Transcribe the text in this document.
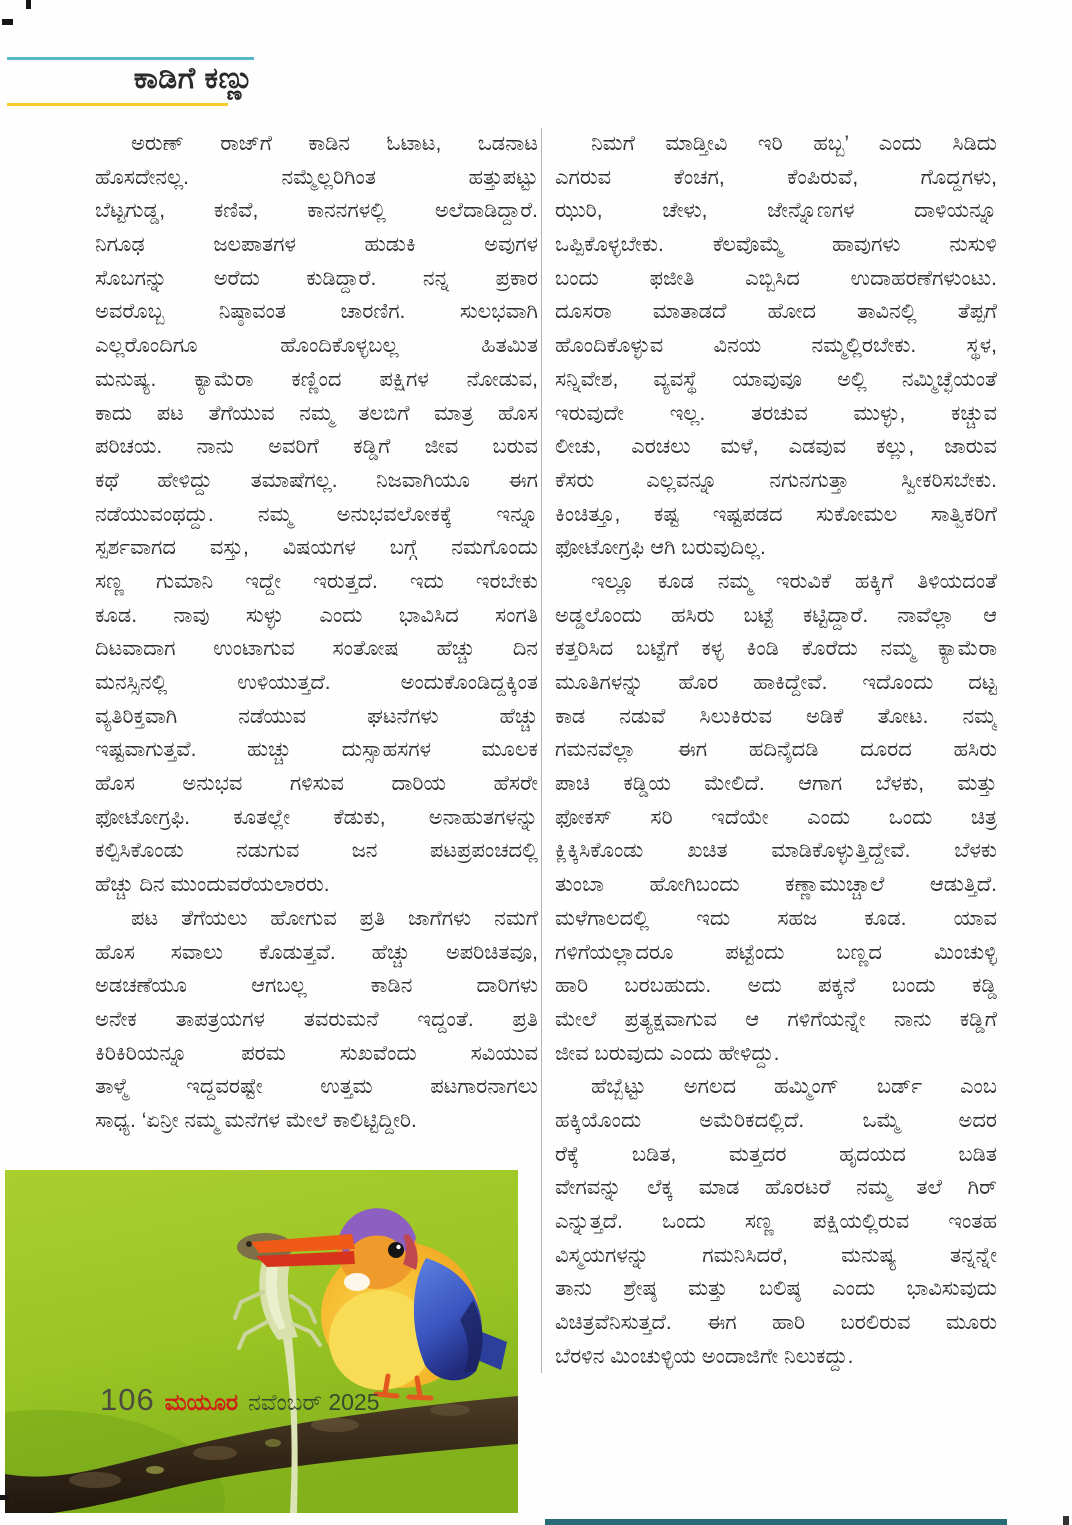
ಕಾಡಿಗೆ ಕಣ್ಣು
ಅರುಣ್ ರಾಜ್‌ಗೆ ಕಾಡಿನ ಓಟಾಟ, ಒಡನಾಟ
ಹೊಸದೇನಲ್ಲ. ನಮ್ಮೆಲ್ಲರಿಗಿಂತ ಹತ್ತುಪಟ್ಟು
ಬೆಟ್ಟಗುಡ್ಡ, ಕಣಿವೆ, ಕಾನನಗಳಲ್ಲಿ ಅಲೆದಾಡಿದ್ದಾರೆ.
ನಿಗೂಢ ಜಲಪಾತಗಳ ಹುಡುಕಿ ಅವುಗಳ
ಸೊಬಗನ್ನು ಅರೆದು ಕುಡಿದ್ದಾರೆ. ನನ್ನ ಪ್ರಕಾರ
ಅವರೊಬ್ಬ ನಿಷ್ಠಾವಂತ ಚಾರಣಿಗ. ಸುಲಭವಾಗಿ
ಎಲ್ಲರೊಂದಿಗೂ ಹೊಂದಿಕೊಳ್ಳಬಲ್ಲ ಹಿತಮಿತ
ಮನುಷ್ಯ. ಕ್ಯಾಮೆರಾ ಕಣ್ಣಿಂದ ಪಕ್ಷಿಗಳ ನೋಡುವ,
ಕಾದು ಪಟ ತೆಗೆಯುವ ನಮ್ಮ ತಲಬಿಗೆ ಮಾತ್ರ ಹೊಸ
ಪರಿಚಯ. ನಾನು ಅವರಿಗೆ ಕಡ್ಡಿಗೆ ಜೀವ ಬರುವ
ಕಥೆ ಹೇಳಿದ್ದು ತಮಾಷೆಗಲ್ಲ. ನಿಜವಾಗಿಯೂ ಈಗ
ನಡೆಯುವಂಥದ್ದು. ನಮ್ಮ ಅನುಭವಲೋಕಕ್ಕೆ ಇನ್ನೂ
ಸ್ಪರ್ಶವಾಗದ ವಸ್ತು, ವಿಷಯಗಳ ಬಗ್ಗೆ ನಮಗೊಂದು
ಸಣ್ಣ ಗುಮಾನಿ ಇದ್ದೇ ಇರುತ್ತದೆ. ಇದು ಇರಬೇಕು
ಕೂಡ. ನಾವು ಸುಳ್ಳು ಎಂದು ಭಾವಿಸಿದ ಸಂಗತಿ
ದಿಟವಾದಾಗ ಉಂಟಾಗುವ ಸಂತೋಷ ಹೆಚ್ಚು ದಿನ
ಮನಸ್ಸಿನಲ್ಲಿ ಉಳಿಯುತ್ತದೆ. ಅಂದುಕೊಂಡಿದ್ದಕ್ಕಿಂತ
ವ್ಯತಿರಿಕ್ತವಾಗಿ ನಡೆಯುವ ಘಟನೆಗಳು ಹೆಚ್ಚು
ಇಷ್ಟವಾಗುತ್ತವೆ. ಹುಚ್ಚು ದುಸ್ಸಾಹಸಗಳ ಮೂಲಕ
ಹೊಸ ಅನುಭವ ಗಳಿಸುವ ದಾರಿಯ ಹೆಸರೇ
ಫೋಟೋಗ್ರಫಿ. ಕೂತಲ್ಲೇ ಕೆಡುಕು, ಅನಾಹುತಗಳನ್ನು
ಕಲ್ಪಿಸಿಕೊಂಡು ನಡುಗುವ ಜನ ಪಟಪ್ರಪಂಚದಲ್ಲಿ
ಹೆಚ್ಚು ದಿನ ಮುಂದುವರೆಯಲಾರರು.
ಪಟ ತೆಗೆಯಲು ಹೋಗುವ ಪ್ರತಿ ಜಾಗೆಗಳು ನಮಗೆ
ಹೊಸ ಸವಾಲು ಕೊಡುತ್ತವೆ. ಹೆಚ್ಚು ಅಪರಿಚಿತವೂ,
ಅಡಚಣೆಯೂ ಆಗಬಲ್ಲ ಕಾಡಿನ ದಾರಿಗಳು
ಅನೇಕ ತಾಪತ್ರಯಗಳ ತವರುಮನೆ ಇದ್ದಂತೆ. ಪ್ರತಿ
ಕಿರಿಕಿರಿಯನ್ನೂ ಪರಮ ಸುಖವೆಂದು ಸವಿಯುವ
ತಾಳ್ಮೆ ಇದ್ದವರಷ್ಟೇ ಉತ್ತಮ ಪಟಗಾರನಾಗಲು
ಸಾಧ್ಯ. ‘ಏನ್ರೀ ನಮ್ಮ ಮನೆಗಳ ಮೇಲೆ ಕಾಲಿಟ್ಟಿದ್ದೀರಿ.
ನಿಮಗೆ ಮಾಡ್ತೀವಿ ಇರಿ ಹಬ್ಬ’ ಎಂದು ಸಿಡಿದು
ಎಗರುವ ಕೆಂಚಗ, ಕೆಂಪಿರುವೆ, ಗೊದ್ದಗಳು,
ಝುರಿ, ಚೇಳು, ಜೇನ್ನೊಣಗಳ ದಾಳಿಯನ್ನೂ
ಒಪ್ಪಿಕೊಳ್ಳಬೇಕು. ಕೆಲವೊಮ್ಮೆ ಹಾವುಗಳು ನುಸುಳಿ
ಬಂದು ಫಜೀತಿ ಎಬ್ಬಿಸಿದ ಉದಾಹರಣೆಗಳುಂಟು.
ದೂಸರಾ ಮಾತಾಡದೆ ಹೋದ ತಾವಿನಲ್ಲಿ ತೆಪ್ಪಗೆ
ಹೊಂದಿಕೊಳ್ಳುವ ವಿನಯ ನಮ್ಮಲ್ಲಿರಬೇಕು. ಸ್ಥಳ,
ಸನ್ನಿವೇಶ, ವ್ಯವಸ್ಥೆ ಯಾವುವೂ ಅಲ್ಲಿ ನಮ್ಮಿಚ್ಛೆಯಂತೆ
ಇರುವುದೇ ಇಲ್ಲ. ತರಚುವ ಮುಳ್ಳು, ಕಚ್ಚುವ
ಲೀಚು, ಎರಚಲು ಮಳೆ, ಎಡವುವ ಕಲ್ಲು, ಜಾರುವ
ಕೆಸರು ಎಲ್ಲವನ್ನೂ ನಗುನಗುತ್ತಾ ಸ್ವೀಕರಿಸಬೇಕು.
ಕಿಂಚಿತ್ತೂ, ಕಷ್ಟ ಇಷ್ಟಪಡದ ಸುಕೋಮಲ ಸಾತ್ವಿಕರಿಗೆ
ಫೋಟೋಗ್ರಫಿ ಆಗಿ ಬರುವುದಿಲ್ಲ.
ಇಲ್ಲೂ ಕೂಡ ನಮ್ಮ ಇರುವಿಕೆ ಹಕ್ಕಿಗೆ ತಿಳಿಯದಂತೆ
ಅಡ್ಡಲೊಂದು ಹಸಿರು ಬಟ್ಟೆ ಕಟ್ಟಿದ್ದಾರೆ. ನಾವೆಲ್ಲಾ ಆ
ಕತ್ತರಿಸಿದ ಬಟ್ಟೆಗೆ ಕಳ್ಳ ಕಿಂಡಿ ಕೊರೆದು ನಮ್ಮ ಕ್ಯಾಮೆರಾ
ಮೂತಿಗಳನ್ನು ಹೊರ ಹಾಕಿದ್ದೇವೆ. ಇದೊಂದು ದಟ್ಟ
ಕಾಡ ನಡುವೆ ಸಿಲುಕಿರುವ ಅಡಿಕೆ ತೋಟ. ನಮ್ಮ
ಗಮನವೆಲ್ಲಾ ಈಗ ಹದಿನೈದಡಿ ದೂರದ ಹಸಿರು
ಪಾಚಿ ಕಡ್ಡಿಯ ಮೇಲಿದೆ. ಆಗಾಗ ಬೆಳಕು, ಮತ್ತು
ಫೋಕಸ್ ಸರಿ ಇದೆಯೇ ಎಂದು ಒಂದು ಚಿತ್ರ
ಕ್ಲಿಕ್ಕಿಸಿಕೊಂಡು ಖಚಿತ ಮಾಡಿಕೊಳ್ಳುತ್ತಿದ್ದೇವೆ. ಬೆಳಕು
ತುಂಬಾ ಹೋಗಿಬಂದು ಕಣ್ಣಾಮುಚ್ಚಾಲೆ ಆಡುತ್ತಿದೆ.
ಮಳೆಗಾಲದಲ್ಲಿ ಇದು ಸಹಜ ಕೂಡ. ಯಾವ
ಗಳಿಗೆಯಲ್ಲಾದರೂ ಪಟ್ಟೆಂದು ಬಣ್ಣದ ಮಿಂಚುಳ್ಳಿ
ಹಾರಿ ಬರಬಹುದು. ಅದು ಪಕ್ಕನೆ ಬಂದು ಕಡ್ಡಿ
ಮೇಲೆ ಪ್ರತ್ಯಕ್ಷವಾಗುವ ಆ ಗಳಿಗೆಯನ್ನೇ ನಾನು ಕಡ್ಡಿಗೆ
ಜೀವ ಬರುವುದು ಎಂದು ಹೇಳಿದ್ದು.
ಹೆಬ್ಬೆಟ್ಟು ಅಗಲದ ಹಮ್ಮಿಂಗ್ ಬರ್ಡ್ ಎಂಬ
ಹಕ್ಕಿಯೊಂದು ಅಮೆರಿಕದಲ್ಲಿದೆ. ಒಮ್ಮೆ ಅದರ
ರೆಕ್ಕೆ ಬಡಿತ, ಮತ್ತದರ ಹೃದಯದ ಬಡಿತ
ವೇಗವನ್ನು ಲೆಕ್ಕ ಮಾಡ ಹೊರಟರೆ ನಮ್ಮ ತಲೆ ಗಿರ್
ಎನ್ನುತ್ತದೆ. ಒಂದು ಸಣ್ಣ ಪಕ್ಷಿಯಲ್ಲಿರುವ ಇಂತಹ
ವಿಸ್ಮಯಗಳನ್ನು ಗಮನಿಸಿದರೆ, ಮನುಷ್ಯ ತನ್ನನ್ನೇ
ತಾನು ಶ್ರೇಷ್ಠ ಮತ್ತು ಬಲಿಷ್ಠ ಎಂದು ಭಾವಿಸುವುದು
ವಿಚಿತ್ರವೆನಿಸುತ್ತದೆ. ಈಗ ಹಾರಿ ಬರಲಿರುವ ಮೂರು
ಬೆರಳಿನ ಮಿಂಚುಳ್ಳಿಯ ಅಂದಾಜಿಗೇ ನಿಲುಕದ್ದು.
106 ಮಯೂರ ನವೆಂಬರ್ 2025
